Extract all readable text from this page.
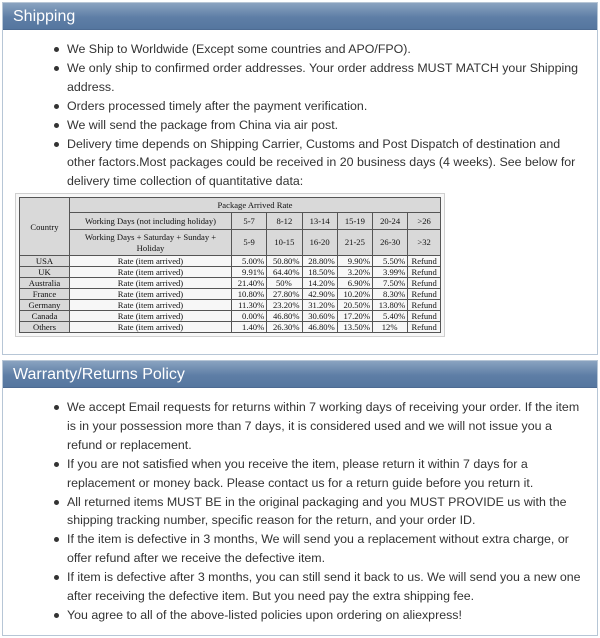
Shipping
We Ship to Worldwide (Except some countries and APO/FPO).
We only ship to confirmed order addresses. Your order address MUST MATCH your Shipping address.
Orders processed timely after the payment verification.
We will send the package from China via air post.
Delivery time depends on Shipping Carrier, Customs and Post Dispatch of destination and other factors.Most packages could be received in 20 business days (4 weeks). See below for delivery time collection of quantitative data:
Country	Package Arrived Rate						
	Working Days (not including holiday)	5-7	8-12	13-14	15-19	20-24	>26
	Working Days + Saturday + Sunday + Holiday	5-9	10-15	16-20	21-25	26-30	>32
USA	Rate (item arrived)	5.00%	50.80%	28.80%	9.90%	5.50%	Refund
UK	Rate (item arrived)	9.91%	64.40%	18.50%	3.20%	3.99%	Refund
Australia	Rate (item arrived)	21.40%	50%	14.20%	6.90%	7.50%	Refund
France	Rate (item arrived)	10.80%	27.80%	42.90%	10.20%	8.30%	Refund
Germany	Rate (item arrived)	11.30%	23.20%	31.20%	20.50%	13.80%	Refund
Canada	Rate (item arrived)	0.00%	46.80%	30.60%	17.20%	5.40%	Refund
Others	Rate (item arrived)	1.40%	26.30%	46.80%	13.50%	12%	Refund
Warranty/Returns Policy
We accept Email requests for returns within 7 working days of receiving your order. If the item is in your possession more than 7 days, it is considered used and we will not issue you a refund or replacement.
If you are not satisfied when you receive the item, please return it within 7 days for a replacement or money back. Please contact us for a return guide before you return it.
All returned items MUST BE in the original packaging and you MUST PROVIDE us with the shipping tracking number, specific reason for the return, and your order ID.
If the item is defective in 3 months, We will send you a replacement without extra charge, or offer refund after we receive the defective item.
If item is defective after 3 months, you can still send it back to us. We will send you a new one after receiving the defective item. But you need pay the extra shipping fee.
You agree to all of the above-listed policies upon ordering on aliexpress!
